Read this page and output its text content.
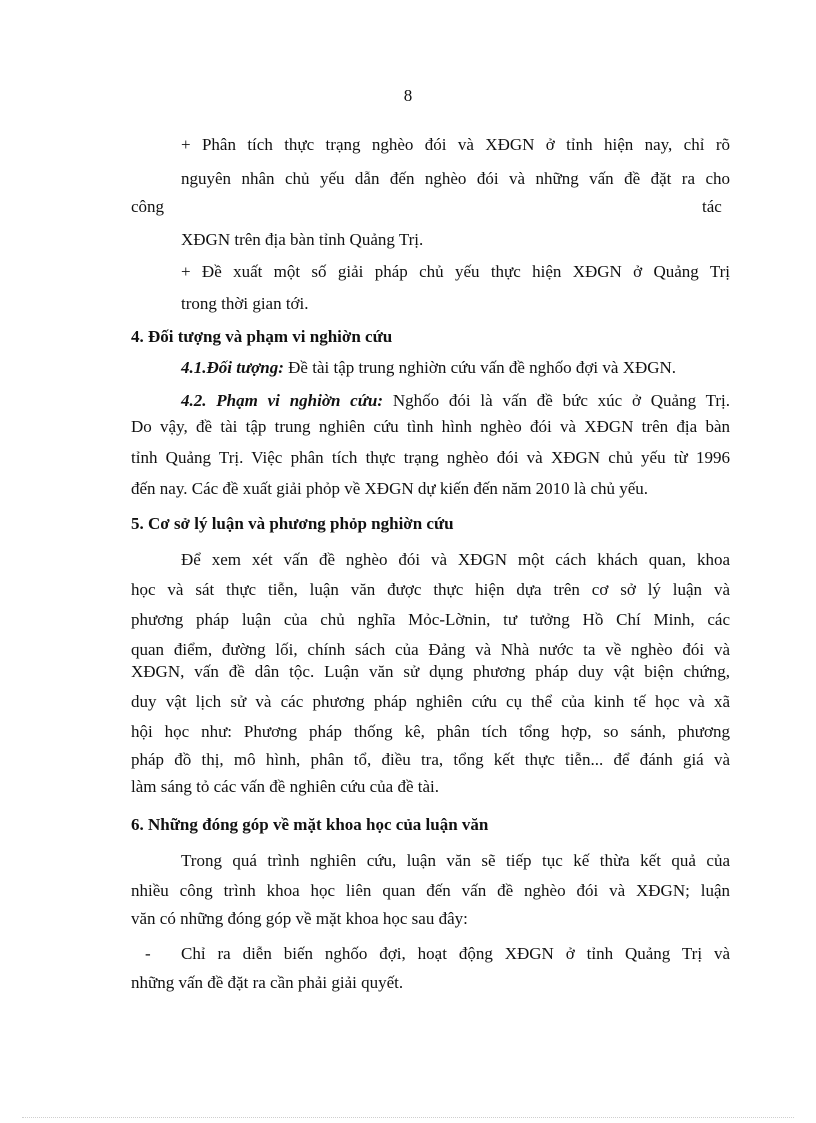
8
+ Phân tích thực trạng nghèo đói và XĐGN ở tỉnh hiện nay, chỉ rõ
nguyên nhân chủ yếu dẫn đến nghèo đói và những vấn đề đặt ra cho
công	tác
XĐGN trên địa bàn tỉnh Quảng Trị.
+ Đề xuất một số giải pháp chủ yếu thực hiện XĐGN ở Quảng Trị
trong thời gian tới.
4. Đối tượng và phạm vi nghiờn cứu
4.1.Đối tượng: Đề tài tập trung nghiờn cứu vấn đề nghốo đợi và XĐGN.
4.2. Phạm vi nghiờn cứu: Nghốo đói là vấn đề bức xúc ở Quảng Trị.
Do vậy, đề tài tập trung nghiên cứu tình hình nghèo đói và XĐGN trên địa bàn
tỉnh Quảng Trị. Việc phân tích thực trạng nghèo đói và XĐGN chủ yếu từ 1996
đến nay. Các đề xuất giải phỏp về XĐGN dự kiến đến năm 2010 là chủ yếu.
5. Cơ sở lý luận và phương phỏp nghiờn cứu
Để xem xét vấn đề nghèo đói và XĐGN một cách khách quan, khoa
học và sát thực tiễn, luận văn được thực hiện dựa trên cơ sở lý luận và
phương pháp luận của chủ nghĩa Mỏc-Lờnin, tư tưởng Hồ Chí Minh, các
quan điểm, đường lối, chính sách của Đảng và Nhà nước ta về nghèo đói và
XĐGN, vấn đề dân tộc. Luận văn sử dụng phương pháp duy vật biện chứng,
duy vật lịch sử và các phương pháp nghiên cứu cụ thể của kinh tế học và xã
hội học như: Phương pháp thống kê, phân tích tổng hợp, so sánh, phương
pháp đồ thị, mô hình, phân tổ, điều tra, tổng kết thực tiễn... để đánh giá và
làm sáng tỏ các vấn đề nghiên cứu của đề tài.
6. Những đóng góp về mặt khoa học của luận văn
Trong quá trình nghiên cứu, luận văn sẽ tiếp tục kế thừa kết quả của
nhiều công trình khoa học liên quan đến vấn đề nghèo đói và XĐGN; luận
văn có những đóng góp về mặt khoa học sau đây:
- Chỉ ra diễn biến nghốo đợi, hoạt động XĐGN ở tỉnh Quảng Trị và
những vấn đề đặt ra cần phải giải quyết.
